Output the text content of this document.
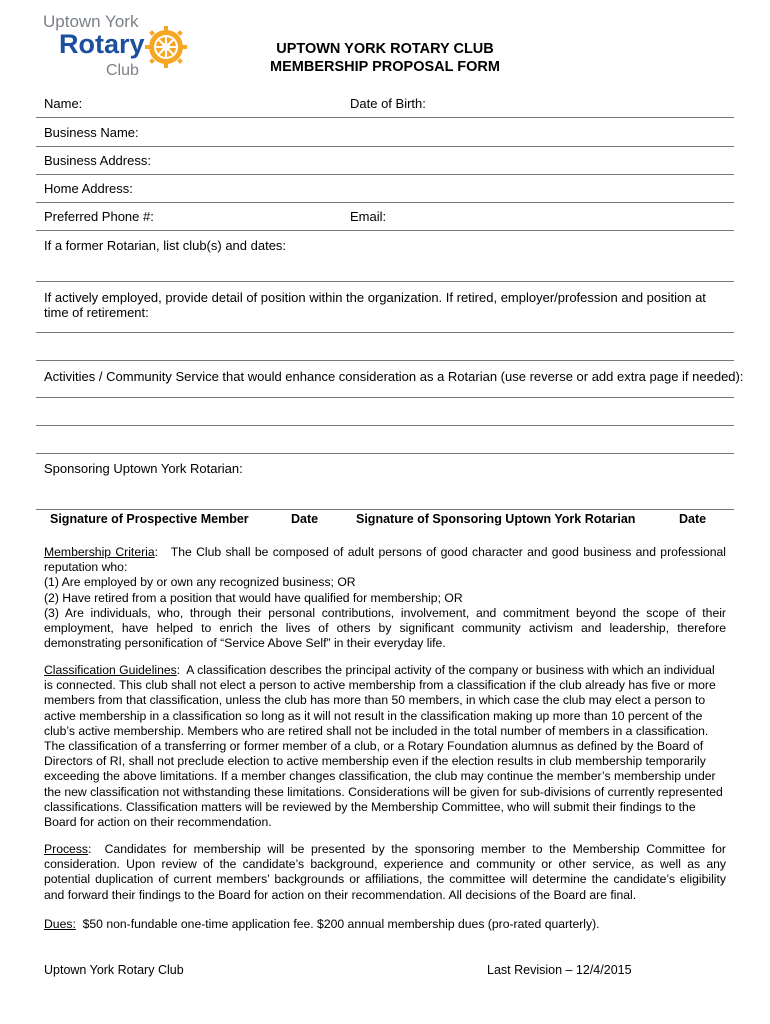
Uptown York
Rotary
Club
UPTOWN YORK ROTARY CLUB
MEMBERSHIP PROPOSAL FORM
Name:	Date of Birth:
Business Name:
Business Address:
Home Address:
Preferred Phone #:	Email:
If a former Rotarian, list club(s) and dates:
If actively employed, provide detail of position within the organization. If retired, employer/profession and position at time of retirement:
Activities / Community Service that would enhance consideration as a Rotarian (use reverse or add extra page if needed):
Sponsoring Uptown York Rotarian:
Signature of Prospective Member	Date	Signature of Sponsoring Uptown York Rotarian	Date
Membership Criteria:   The Club shall be composed of adult persons of good character and good business and professional reputation who:
(1) Are employed by or own any recognized business; OR
(2) Have retired from a position that would have qualified for membership; OR
(3) Are individuals, who, through their personal contributions, involvement, and commitment beyond the scope of their employment, have helped to enrich the lives of others by significant community activism and leadership, therefore demonstrating personification of “Service Above Self” in their everyday life.
Classification Guidelines:  A classification describes the principal activity of the company or business with which an individual is connected. This club shall not elect a person to active membership from a classification if the club already has five or more members from that classification, unless the club has more than 50 members, in which case the club may elect a person to active membership in a classification so long as it will not result in the classification making up more than 10 percent of the club’s active membership. Members who are retired shall not be included in the total number of members in a classification. The classification of a transferring or former member of a club, or a Rotary Foundation alumnus as defined by the Board of Directors of RI, shall not preclude election to active membership even if the election results in club membership temporarily exceeding the above limitations. If a member changes classification, the club may continue the member’s membership under the new classification not withstanding these limitations. Considerations will be given for sub-divisions of currently represented classifications. Classification matters will be reviewed by the Membership Committee, who will submit their findings to the Board for action on their recommendation.
Process:  Candidates for membership will be presented by the sponsoring member to the Membership Committee for consideration. Upon review of the candidate’s background, experience and community or other service, as well as any potential duplication of current members’ backgrounds or affiliations, the committee will determine the candidate’s eligibility and forward their findings to the Board for action on their recommendation. All decisions of the Board are final.
Dues: $50 non-fundable one-time application fee. $200 annual membership dues (pro-rated quarterly).
Uptown York Rotary Club	Last Revision – 12/4/2015
